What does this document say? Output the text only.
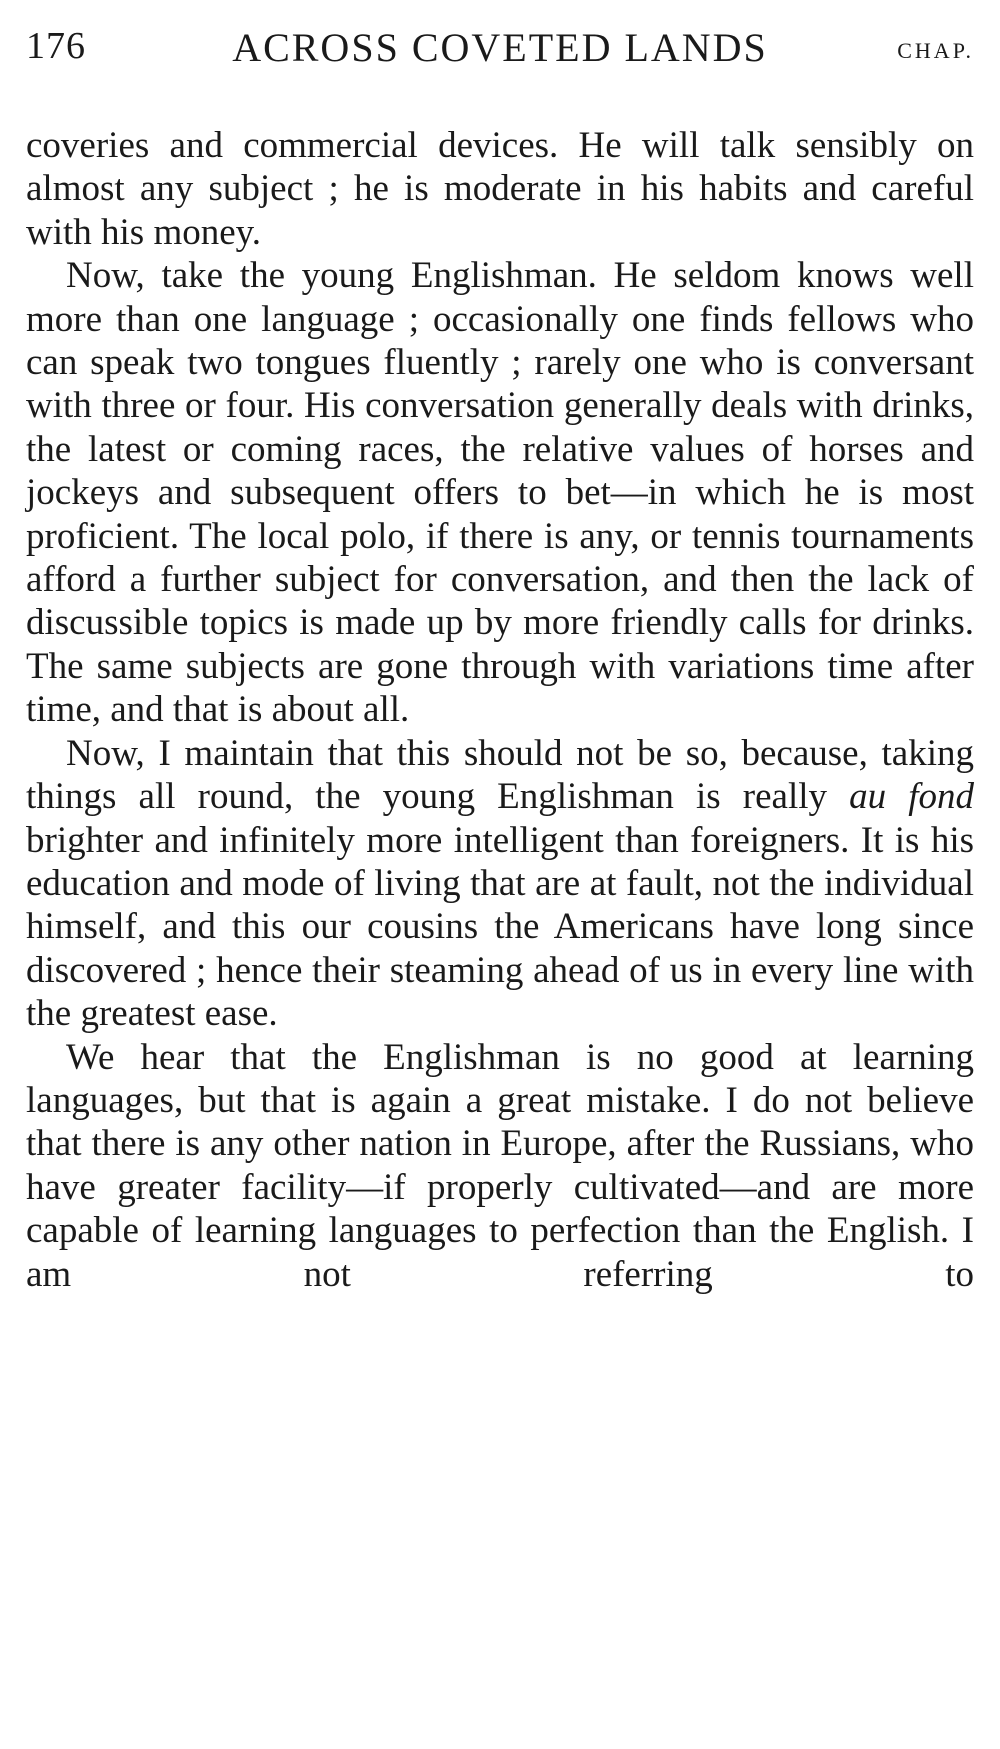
176	ACROSS COVETED LANDS	CHAP.

coveries and commercial devices. He will talk sensibly on almost any subject ; he is moderate in his habits and careful with his money.

Now, take the young Englishman. He seldom knows well more than one language ; occasionally one finds fellows who can speak two tongues fluently ; rarely one who is conversant with three or four. His conversation generally deals with drinks, the latest or coming races, the relative values of horses and jockeys and subsequent offers to bet—in which he is most proficient. The local polo, if there is any, or tennis tournaments afford a further subject for conversation, and then the lack of discussible topics is made up by more friendly calls for drinks. The same subjects are gone through with variations time after time, and that is about all.

Now, I maintain that this should not be so, because, taking things all round, the young Englishman is really au fond brighter and infinitely more intelligent than foreigners. It is his education and mode of living that are at fault, not the individual himself, and this our cousins the Americans have long since discovered ; hence their steaming ahead of us in every line with the greatest ease.

We hear that the Englishman is no good at learning languages, but that is again a great mistake. I do not believe that there is any other nation in Europe, after the Russians, who have greater facility—if properly cultivated—and are more capable of learning languages to perfection than the English. I am not referring to
